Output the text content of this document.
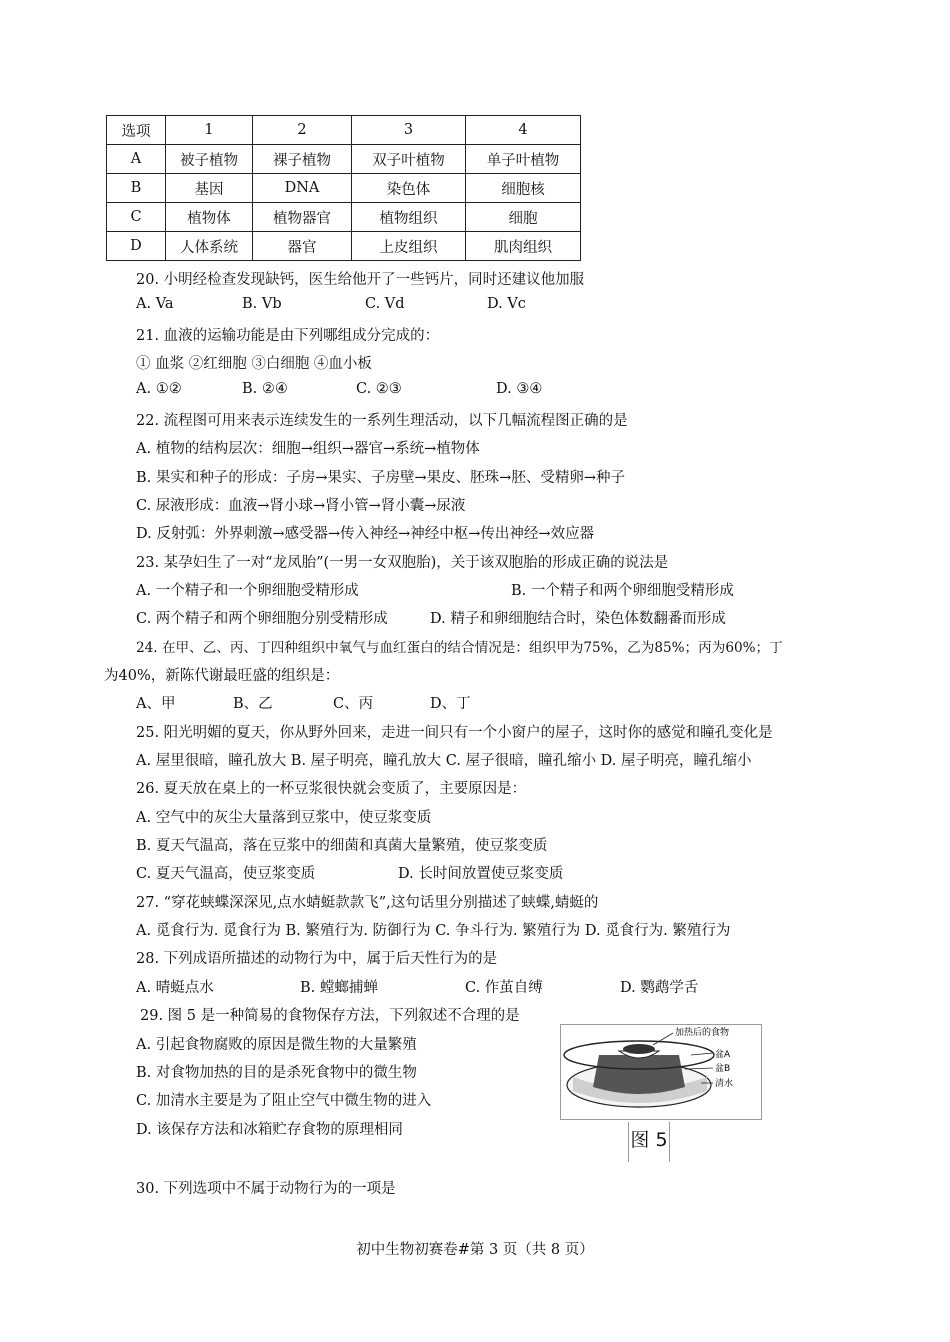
选项	1	2	3	4
A	被子植物	裸子植物	双子叶植物	单子叶植物
B	基因	DNA	染色体	细胞核
C	植物体	植物器官	植物组织	细胞
D	人体系统	器官	上皮组织	肌肉组织
20. 小明经检查发现缺钙，医生给他开了一些钙片，同时还建议他加服
A. Va	B. Vb	C. Vd	D. Vc
21. 血液的运输功能是由下列哪组成分完成的：
① 血浆 ②红细胞 ③白细胞 ④血小板
A. ①②	B. ②④	C. ②③	D. ③④
22. 流程图可用来表示连续发生的一系列生理活动，以下几幅流程图正确的是
A. 植物的结构层次：细胞→组织→器官→系统→植物体
B. 果实和种子的形成：子房→果实、子房壁→果皮、胚珠→胚、受精卵→种子
C. 尿液形成：血液→肾小球→肾小管→肾小囊→尿液
D. 反射弧：外界刺激→感受器→传入神经→神经中枢→传出神经→效应器
23. 某孕妇生了一对“龙凤胎”(一男一女双胞胎)，关于该双胞胎的形成正确的说法是
A. 一个精子和一个卵细胞受精形成	B. 一个精子和两个卵细胞受精形成
C. 两个精子和两个卵细胞分别受精形成	D. 精子和卵细胞结合时，染色体数翻番而形成
24. 在甲、乙、丙、丁四种组织中氧气与血红蛋白的结合情况是：组织甲为75%，乙为85%；丙为60%；丁
为40%，新陈代谢最旺盛的组织是：
A、甲	B、乙	C、丙	D、丁
25. 阳光明媚的夏天，你从野外回来，走进一间只有一个小窗户的屋子，这时你的感觉和瞳孔变化是
A. 屋里很暗，瞳孔放大 B. 屋子明亮，瞳孔放大 C. 屋子很暗，瞳孔缩小 D. 屋子明亮，瞳孔缩小
26. 夏天放在桌上的一杯豆浆很快就会变质了，主要原因是：
A. 空气中的灰尘大量落到豆浆中，使豆浆变质
B. 夏天气温高，落在豆浆中的细菌和真菌大量繁殖，使豆浆变质
C. 夏天气温高，使豆浆变质	D. 长时间放置使豆浆变质
27. “穿花蛱蝶深深见,点水蜻蜓款款飞”,这句话里分别描述了蛱蝶,蜻蜓的
A. 觅食行为. 觅食行为 B. 繁殖行为. 防御行为 C. 争斗行为. 繁殖行为 D. 觅食行为. 繁殖行为
28. 下列成语所描述的动物行为中，属于后天性行为的是
A. 晴蜓点水	B. 螳螂捕蝉	C. 作茧自缚	D. 鹦鹉学舌
29. 图 5 是一种简易的食物保存方法，下列叙述不合理的是
A. 引起食物腐败的原因是微生物的大量繁殖
B. 对食物加热的目的是杀死食物中的微生物
C. 加清水主要是为了阻止空气中微生物的进入
D. 该保存方法和冰箱贮存食物的原理相同
加热后的食物
盆A
盆B
清水
图 5
30. 下列选项中不属于动物行为的一项是
初中生物初赛卷#第 3 页（共 8 页）
